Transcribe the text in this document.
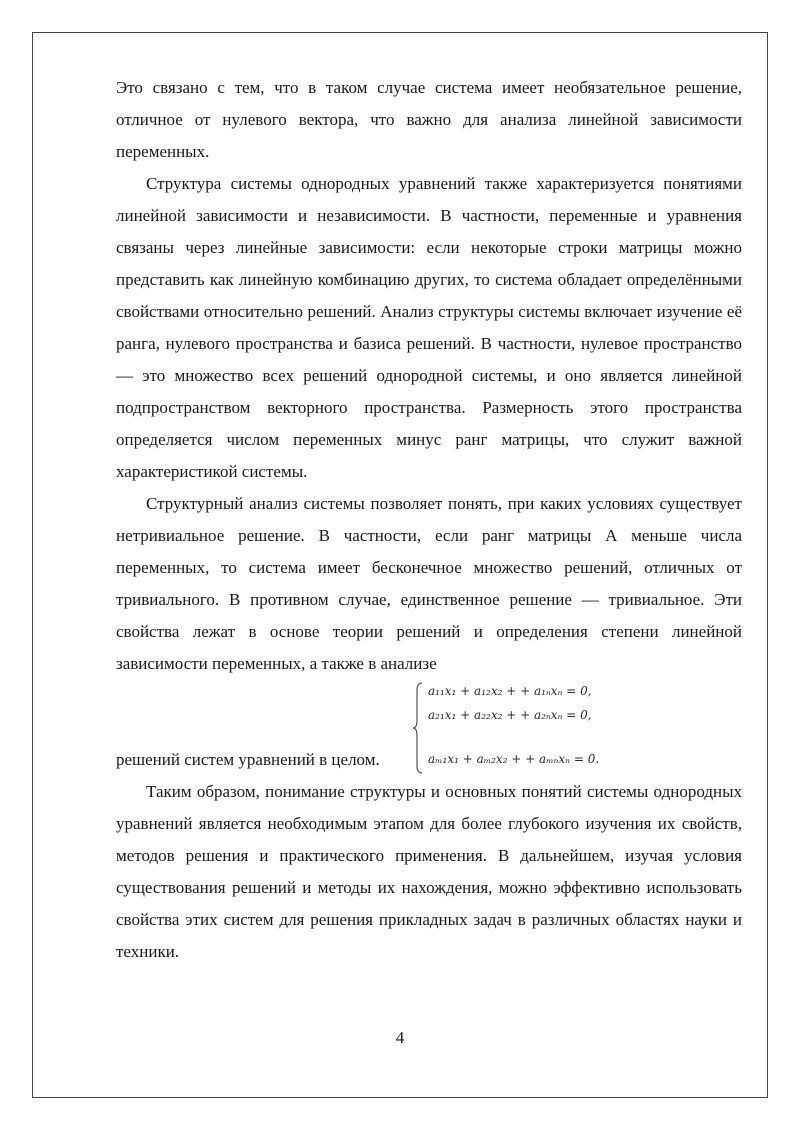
Это связано с тем, что в таком случае система имеет необязательное решение, отличное от нулевого вектора, что важно для анализа линейной зависимости переменных.

Структура системы однородных уравнений также характеризуется понятиями линейной зависимости и независимости. В частности, переменные и уравнения связаны через линейные зависимости: если некоторые строки матрицы можно представить как линейную комбинацию других, то система обладает определёнными свойствами относительно решений. Анализ структуры системы включает изучение её ранга, нулевого пространства и базиса решений. В частности, нулевое пространство — это множество всех решений однородной системы, и оно является линейной подпространством векторного пространства. Размерность этого пространства определяется числом переменных минус ранг матрицы, что служит важной характеристикой системы.

Структурный анализ системы позволяет понять, при каких условиях существует нетривиальное решение. В частности, если ранг матрицы А меньше числа переменных, то система имеет бесконечное множество решений, отличных от тривиального. В противном случае, единственное решение — тривиальное. Эти свойства лежат в основе теории решений и определения степени линейной зависимости переменных, а также в анализе

решений систем уравнений в целом.
a₁₁x₁ + a₁₂x₂ + + a₁ₙxₙ = 0,
a₂₁x₁ + a₂₂x₂ + + a₂ₙxₙ = 0,
aₘ₁x₁ + aₘ₂x₂ + + aₘₙxₙ = 0.

Таким образом, понимание структуры и основных понятий системы однородных уравнений является необходимым этапом для более глубокого изучения их свойств, методов решения и практического применения. В дальнейшем, изучая условия существования решений и методы их нахождения, можно эффективно использовать свойства этих систем для решения прикладных задач в различных областях науки и техники.

4
